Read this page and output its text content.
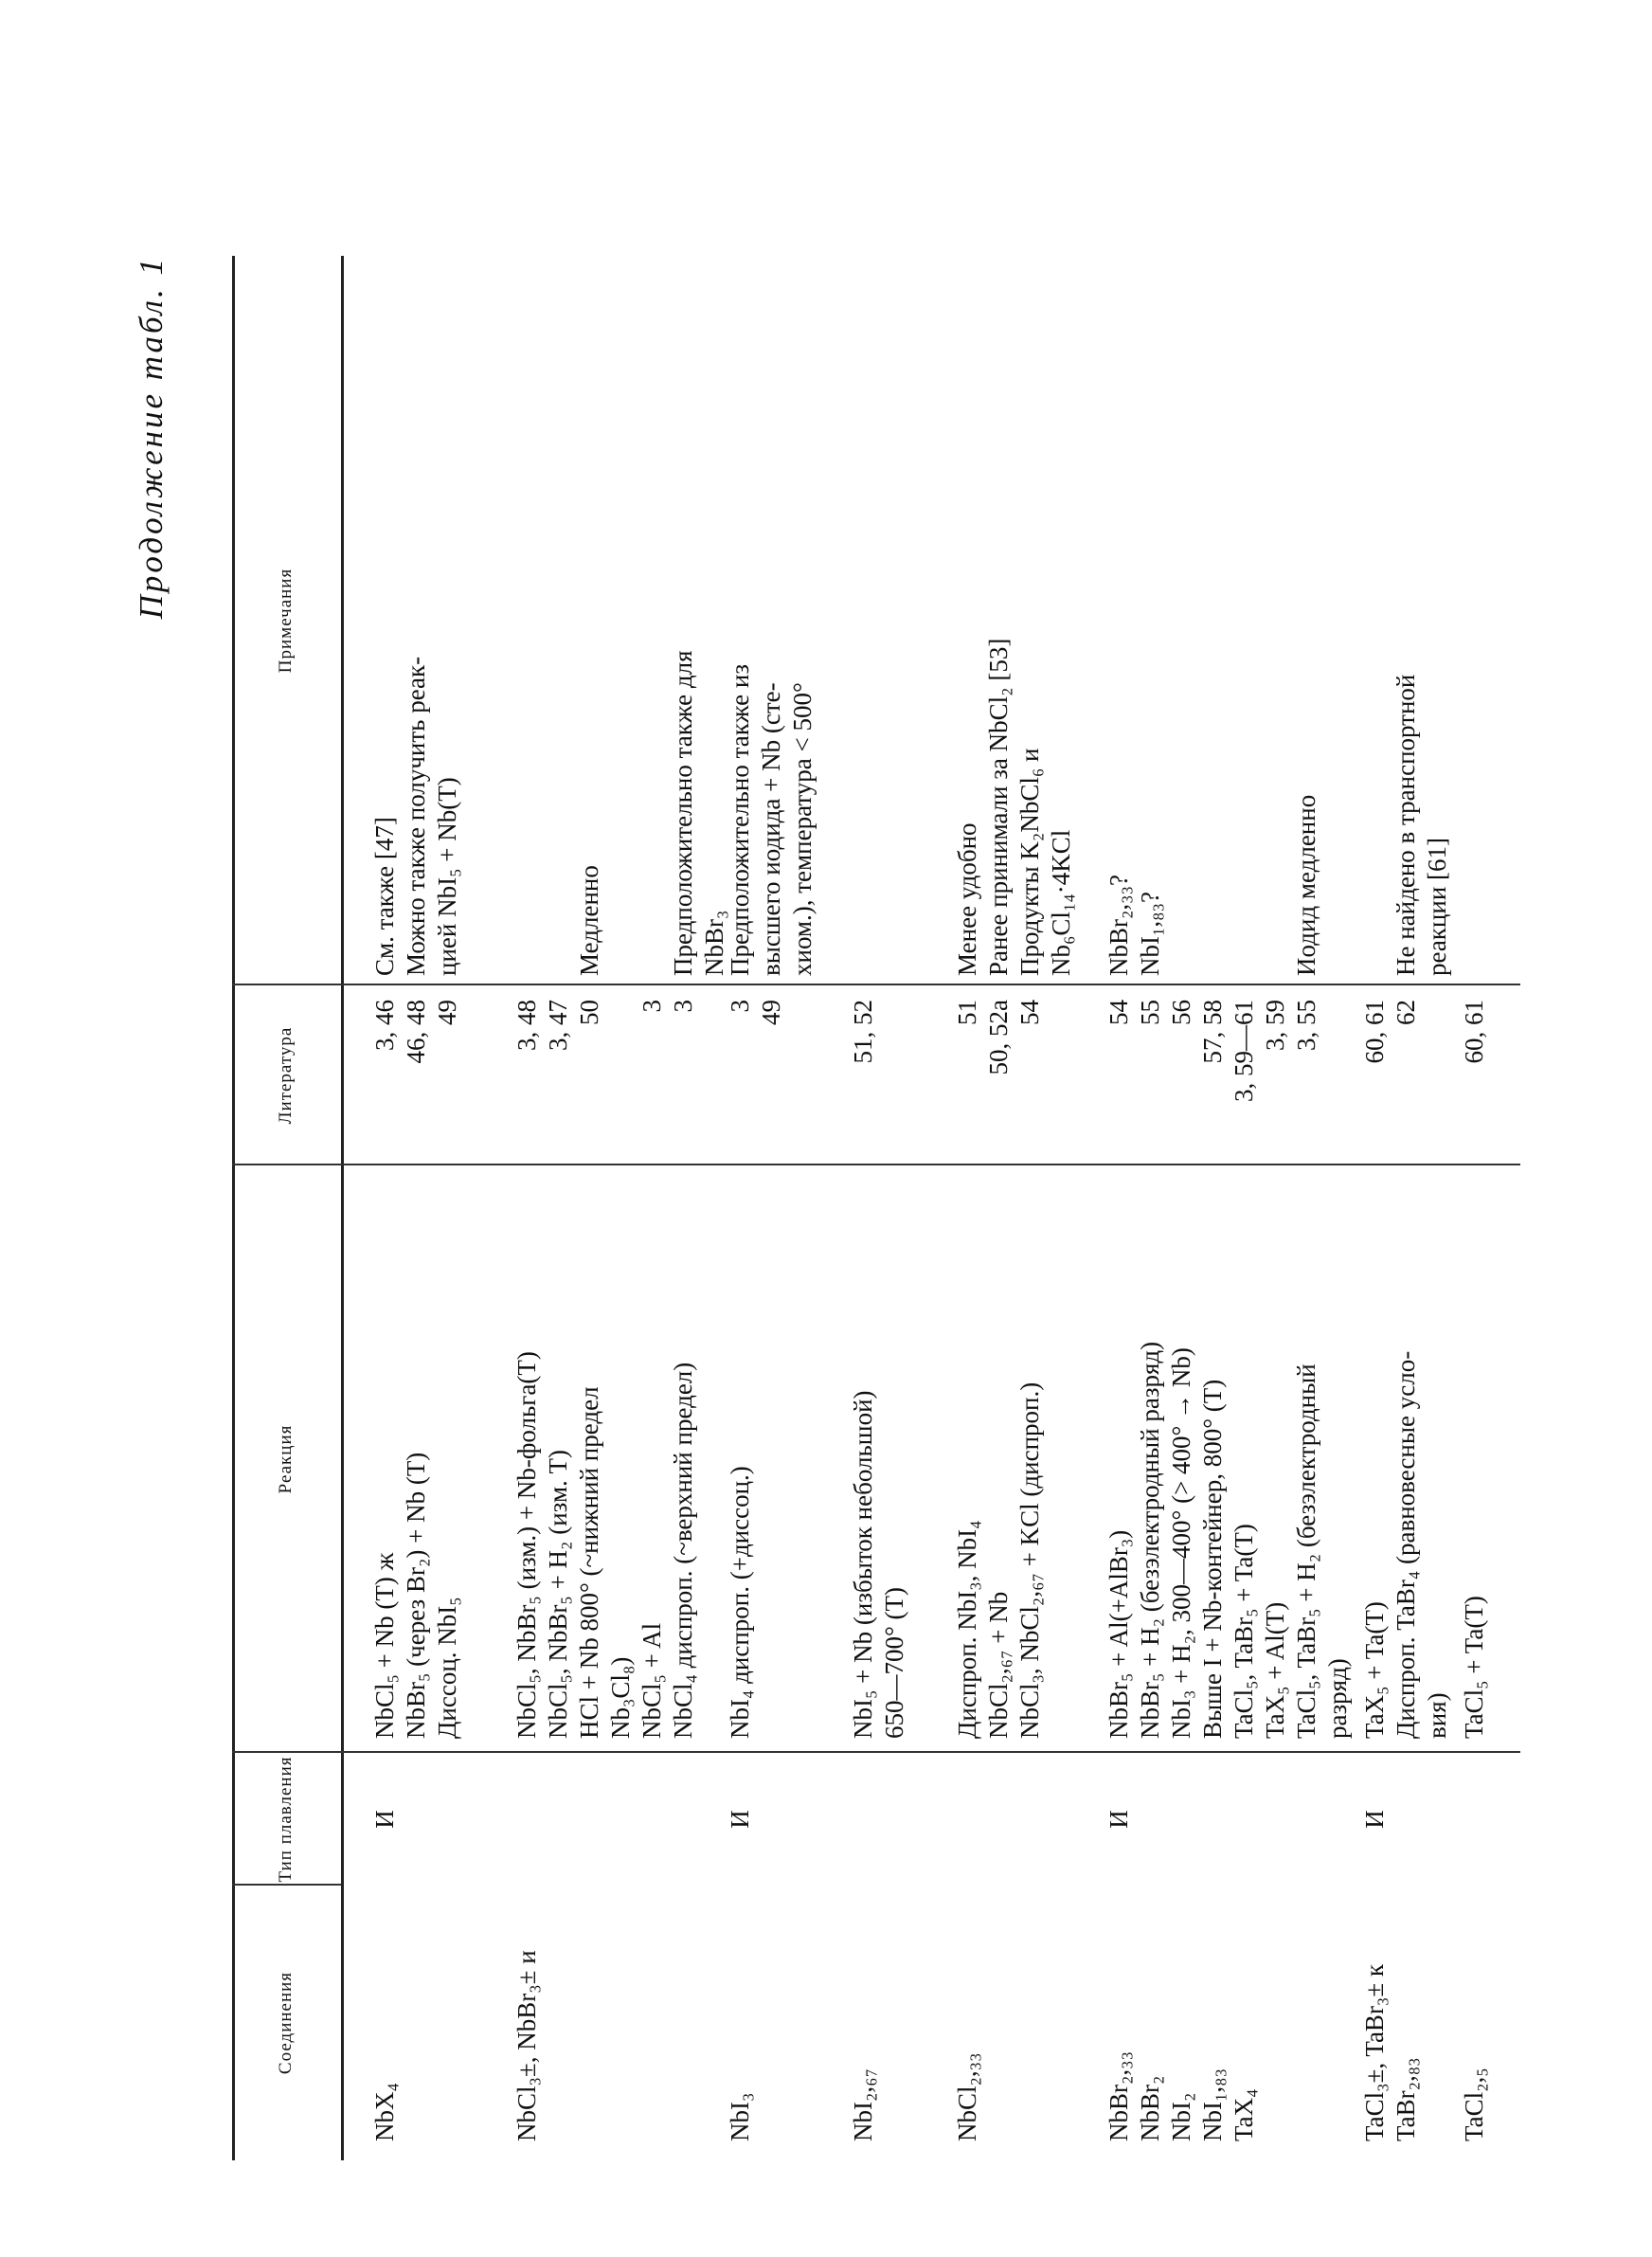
Продолжение табл. 1
Соединения
Тип плавления
Реакция
Литература
Примечания
NbX₄
И
NbCl₅ + Nb (T) ж NbBr₅ (через Br₂) + Nb (T) Диссоц. NbI₅
3, 46 46, 48 49
См. также [47] Можно также получить реак- цией NbI₅ + Nb(T)
NbCl₃±, NbBr₃± и

NbCl₅, NbBr₅ (изм.) + Nb-фольга(T) NbCl₅, NbBr₅ + H₂ (изм. T) HCl + Nb 800° (~нижний предел Nb₃Cl₈) NbCl₅ + Al NbCl₄ диспроп. (~верхний предел)
3, 48 3, 47 50
3 3

Медленно

	Предположительно также для NbBr₃
NbI₃
И
NbI₄ диспроп. (+диссоц.)
3 49
Предположительно также из высшего иодида + Nb (сте- хиом.), температура < 500°
NbI₂,₆₇

NbI₅ + Nb (избыток небольшой) 650—700° (T)
51, 52

NbCl₂,₃₃

Диспроп. NbI₃, NbI₄ NbCl₂,₆₇ + Nb NbCl₃, NbCl₂,₆₇ + KCl (диспроп.)
51 50, 52а 54
Менее удобно Ранее принимали за NbCl₂ [53] Продукты K₂NbCl₆ и Nb₆Cl₁₄·4KCl
NbBr₂,₃₃ NbBr₂ NbI₂ NbI₁,₈₃ TaX₄
И
NbBr₅ + Al(+AlBr₃) NbBr₅ + H₂ (безэлектродный разряд) NbI₃ + H₂, 300—400° (> 400° → Nb) Выше I + Nb-контейнер, 800° (T) TaCl₅, TaBr₅ + Ta(T) TaX₅ + Al(T) TaCl₅, TaBr₅ + H₂ (безэлектродный разряд)
54 55 56 57, 58 3, 59—61 3, 59 3, 55
NbBr₂,₃₃? NbI₁,₈₃?

	Иодид медленно
TaCl₃±, TaBr₃± к TaBr₂,₈₃
И
TaX₅ + Ta(T) Диспроп. TaBr₄ (равновесные усло- вия)
60, 61 62

Не найдено в транспортной реакции [61]
TaCl₂,₅

TaCl₅ + Ta(T)
60, 61
